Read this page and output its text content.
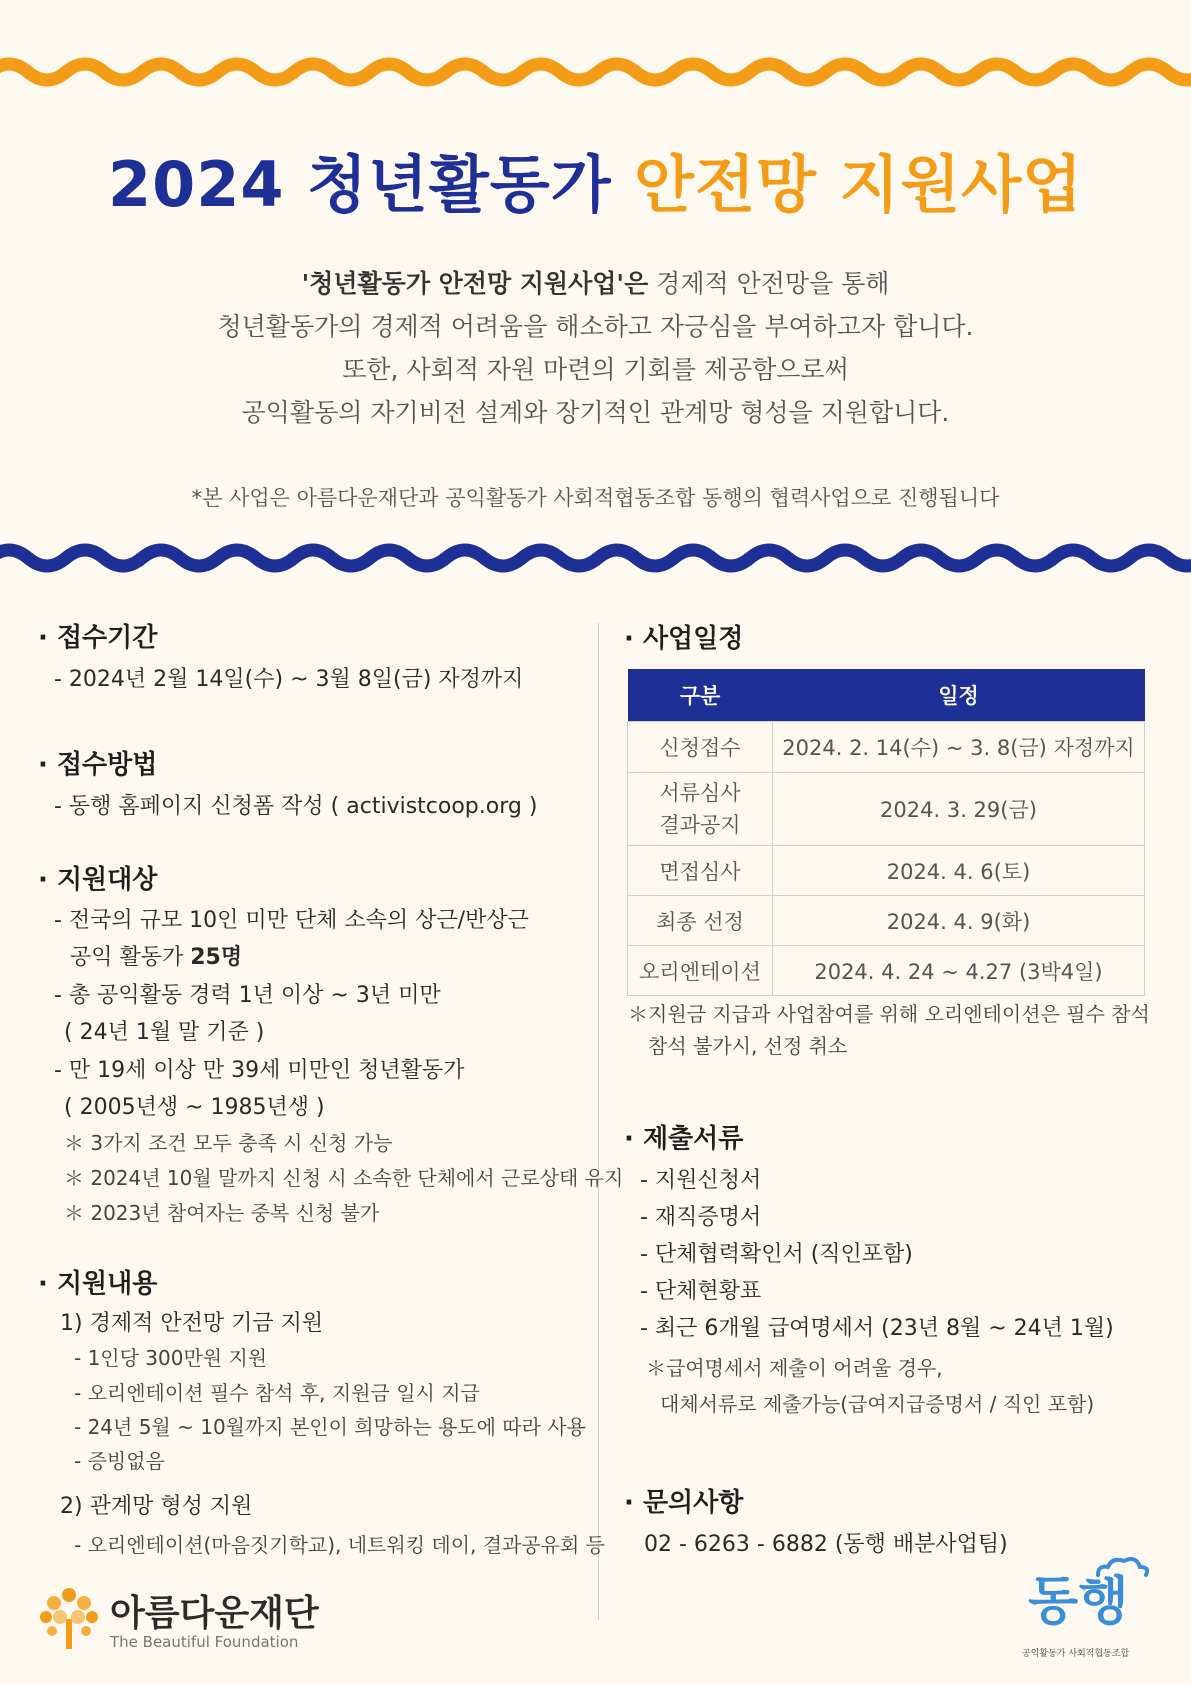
2024 청년활동가 안전망 지원사업
'청년활동가 안전망 지원사업'은 경제적 안전망을 통해
청년활동가의 경제적 어려움을 해소하고 자긍심을 부여하고자 합니다.
또한, 사회적 자원 마련의 기회를 제공함으로써
공익활동의 자기비전 설계와 장기적인 관계망 형성을 지원합니다.
*본 사업은 아름다운재단과 공익활동가 사회적협동조합 동행의 협력사업으로 진행됩니다
· 접수기간
- 2024년 2월 14일(수) ~ 3월 8일(금) 자정까지
· 접수방법
- 동행 홈페이지 신청폼 작성 ( activistcoop.org )
· 지원대상
- 전국의 규모 10인 미만 단체 소속의 상근/반상근
공익 활동가 25명
- 총 공익활동 경력 1년 이상 ~ 3년 미만
( 24년 1월 말 기준 )
- 만 19세 이상 만 39세 미만인 청년활동가
( 2005년생 ~ 1985년생 )
＊ 3가지 조건 모두 충족 시 신청 가능
＊ 2024년 10월 말까지 신청 시 소속한 단체에서 근로상태 유지
＊ 2023년 참여자는 중복 신청 불가
· 지원내용
1) 경제적 안전망 기금 지원
- 1인당 300만원 지원
- 오리엔테이션 필수 참석 후, 지원금 일시 지급
- 24년 5월 ~ 10월까지 본인이 희망하는 용도에 따라 사용
- 증빙없음
2) 관계망 형성 지원
- 오리엔테이션(마음짓기학교), 네트워킹 데이, 결과공유회 등
· 사업일정
구분	일정
신청접수	2024. 2. 14(수) ~ 3. 8(금) 자정까지

서류심사
결과공지	2024. 3. 29(금)
면접심사	2024. 4. 6(토)
최종 선정	2024. 4. 9(화)
오리엔테이션	2024. 4. 24 ~ 4.27 (3박4일)
＊지원금 지급과 사업참여를 위해 오리엔테이션은 필수 참석
참석 불가시, 선정 취소
· 제출서류
- 지원신청서
- 재직증명서
- 단체협력확인서 (직인포함)
- 단체현황표
- 최근 6개월 급여명세서 (23년 8월 ~ 24년 1월)
＊급여명세서 제출이 어려울 경우,
대체서류로 제출가능(급여지급증명서 / 직인 포함)
· 문의사항
02 - 6263 - 6882 (동행 배분사업팀)
아름다운재단
The Beautiful Foundation
동행
공익활동가 사회적협동조합
